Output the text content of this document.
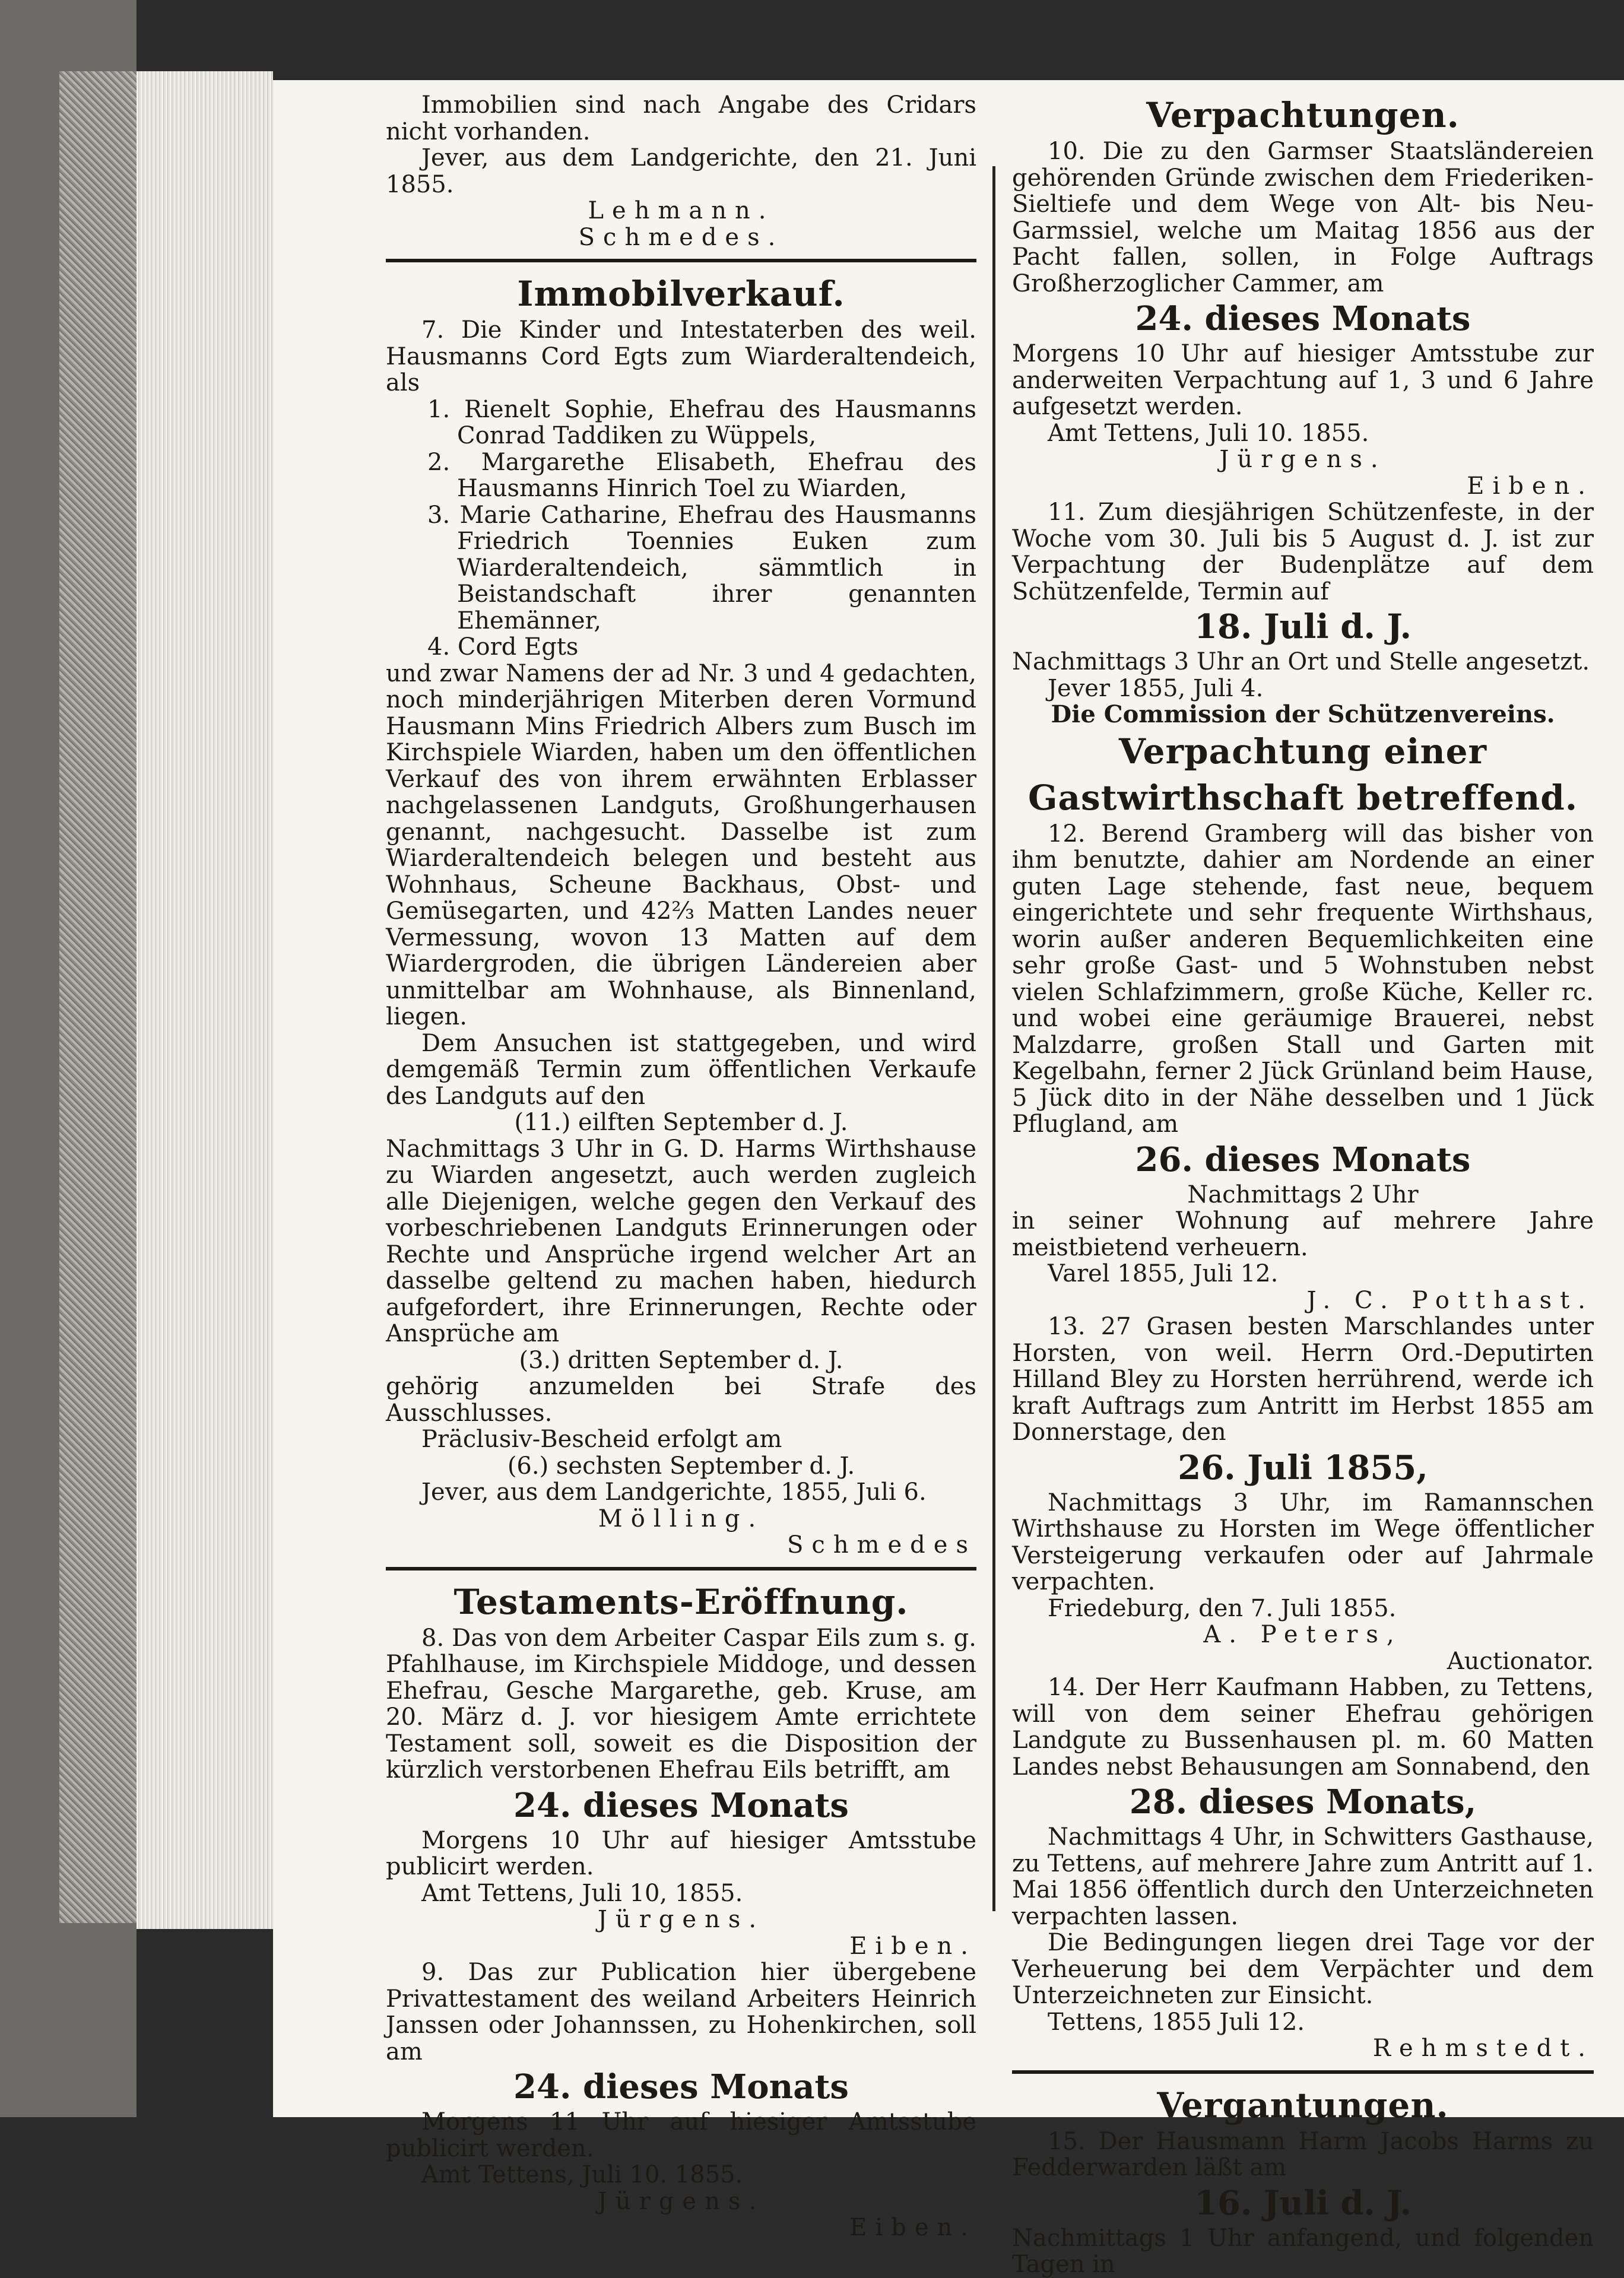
Immobilien sind nach Angabe des Cridars nicht vorhanden.

Jever, aus dem Landgerichte, den 21. Juni 1855.

Lehmann.

Schmedes.

Immobilverkauf.

7. Die Kinder und Intestaterben des weil. Hausmanns Cord Egts zum Wiarderaltendeich, als

1. Rienelt Sophie, Ehefrau des Hausmanns Conrad Taddiken zu Wüppels,

2. Margarethe Elisabeth, Ehefrau des Hausmanns Hinrich Toel zu Wiarden,

3. Marie Catharine, Ehefrau des Hausmanns Friedrich Toennies Euken zum Wiarderaltendeich, sämmtlich in Beistandschaft ihrer genannten Ehemänner,

4. Cord Egts

und zwar Namens der ad Nr. 3 und 4 gedachten, noch minderjährigen Miterben deren Vormund Hausmann Mins Friedrich Albers zum Busch im Kirchspiele Wiarden, haben um den öffentlichen Verkauf des von ihrem erwähnten Erblasser nachgelassenen Landguts, Großhungerhausen genannt, nachgesucht. Dasselbe ist zum Wiarderaltendeich belegen und besteht aus Wohnhaus, Scheune Backhaus, Obst- und Gemüsegarten, und 42⅔ Matten Landes neuer Vermessung, wovon 13 Matten auf dem Wiardergroden, die übrigen Ländereien aber unmittelbar am Wohnhause, als Binnenland, liegen.

Dem Ansuchen ist stattgegeben, und wird demgemäß Termin zum öffentlichen Verkaufe des Landguts auf den

(11.) eilften September d. J.

Nachmittags 3 Uhr in G. D. Harms Wirthshause zu Wiarden angesetzt, auch werden zugleich alle Diejenigen, welche gegen den Verkauf des vorbeschriebenen Landguts Erinnerungen oder Rechte und Ansprüche irgend welcher Art an dasselbe geltend zu machen haben, hiedurch aufgefordert, ihre Erinnerungen, Rechte oder Ansprüche am

(3.) dritten September d. J.

gehörig anzumelden bei Strafe des Ausschlusses.

Präclusiv-Bescheid erfolgt am

(6.) sechsten September d. J.

Jever, aus dem Landgerichte, 1855, Juli 6.

Mölling.

Schmedes

Testaments-Eröffnung.

8. Das von dem Arbeiter Caspar Eils zum s. g. Pfahlhause, im Kirchspiele Middoge, und dessen Ehefrau, Gesche Margarethe, geb. Kruse, am 20. März d. J. vor hiesigem Amte errichtete Testament soll, soweit es die Disposition der kürzlich verstorbenen Ehefrau Eils betrifft, am

24. dieses Monats

Morgens 10 Uhr auf hiesiger Amtsstube publicirt werden.

Amt Tettens, Juli 10, 1855.

Jürgens.

Eiben.

9. Das zur Publication hier übergebene Privattestament des weiland Arbeiters Heinrich Janssen oder Johannssen, zu Hohenkirchen, soll am

24. dieses Monats

Morgens 11 Uhr auf hiesiger Amtsstube publicirt werden.

Amt Tettens, Juli 10. 1855.

Jürgens.

Eiben.

Verpachtungen.

10. Die zu den Garmser Staatsländereien gehörenden Gründe zwischen dem Friederiken-Sieltiefe und dem Wege von Alt- bis Neu-Garmssiel, welche um Maitag 1856 aus der Pacht fallen, sollen, in Folge Auftrags Großherzoglicher Cammer, am

24. dieses Monats

Morgens 10 Uhr auf hiesiger Amtsstube zur anderweiten Verpachtung auf 1, 3 und 6 Jahre aufgesetzt werden.

Amt Tettens, Juli 10. 1855.

Jürgens.

Eiben.

11. Zum diesjährigen Schützenfeste, in der Woche vom 30. Juli bis 5 August d. J. ist zur Verpachtung der Budenplätze auf dem Schützenfelde, Termin auf

18. Juli d. J.

Nachmittags 3 Uhr an Ort und Stelle angesetzt.

Jever 1855, Juli 4.

Die Commission der Schützenvereins.

Verpachtung einer Gastwirthschaft betreffend.

12. Berend Gramberg will das bisher von ihm benutzte, dahier am Nordende an einer guten Lage stehende, fast neue, bequem eingerichtete und sehr frequente Wirthshaus, worin außer anderen Bequemlichkeiten eine sehr große Gast- und 5 Wohnstuben nebst vielen Schlafzimmern, große Küche, Keller rc. und wobei eine geräumige Brauerei, nebst Malzdarre, großen Stall und Garten mit Kegelbahn, ferner 2 Jück Grünland beim Hause, 5 Jück dito in der Nähe desselben und 1 Jück Pflugland, am

26. dieses Monats

Nachmittags 2 Uhr

in seiner Wohnung auf mehrere Jahre meistbietend verheuern.

Varel 1855, Juli 12.

J. C. Potthast.

13. 27 Grasen besten Marschlandes unter Horsten, von weil. Herrn Ord.-Deputirten Hilland Bley zu Horsten herrührend, werde ich kraft Auftrags zum Antritt im Herbst 1855 am Donnerstage, den

26. Juli 1855,

Nachmittags 3 Uhr, im Ramannschen Wirthshause zu Horsten im Wege öffentlicher Versteigerung verkaufen oder auf Jahrmale verpachten.

Friedeburg, den 7. Juli 1855.

A. Peters,

Auctionator.

14. Der Herr Kaufmann Habben, zu Tettens, will von dem seiner Ehefrau gehörigen Landgute zu Bussenhausen pl. m. 60 Matten Landes nebst Behausungen am Sonnabend, den

28. dieses Monats,

Nachmittags 4 Uhr, in Schwitters Gasthause, zu Tettens, auf mehrere Jahre zum Antritt auf 1. Mai 1856 öffentlich durch den Unterzeichneten verpachten lassen.

Die Bedingungen liegen drei Tage vor der Verheuerung bei dem Verpächter und dem Unterzeichneten zur Einsicht.

Tettens, 1855 Juli 12.

Rehmstedt.

Vergantungen.

15. Der Hausmann Harm Jacobs Harms zu Fedderwarden läßt am

16. Juli d. J.

Nachmittags 1 Uhr anfangend, und folgenden Tagen in
